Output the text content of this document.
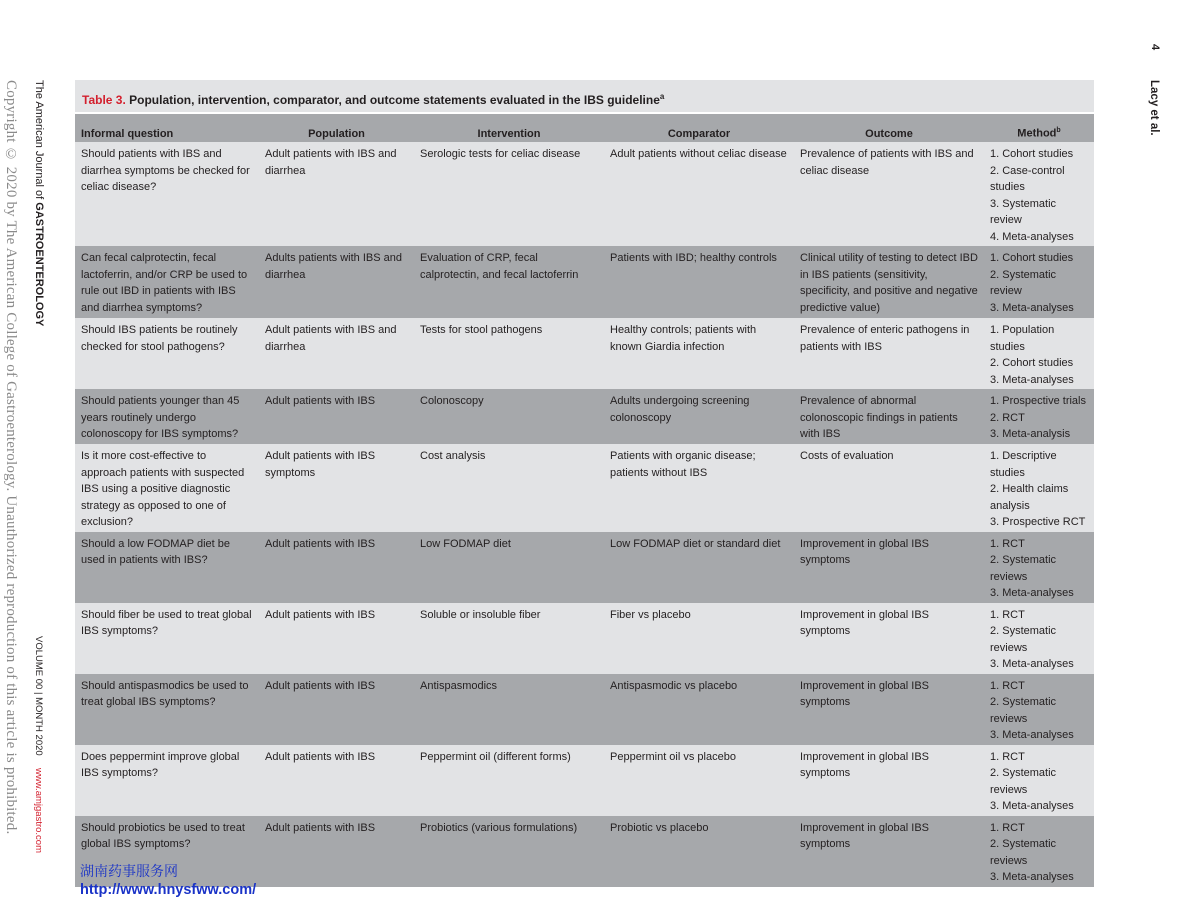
Copyright © 2020 by The American College of Gastroenterology. Unauthorized reproduction of this article is prohibited. The American Journal of GASTROENTEROLOGY
VOLUME 00 | MONTH 2020www.amjgastro.com
4
Lacy et al.
Table 3. Population, intervention, comparator, and outcome statements evaluated in the IBS guideline$^a$
Informal question	Population	Intervention	Comparator	Outcome	Method$^b$
Should patients with IBS and diarrhea symptoms be checked for celiac disease?	Adult patients with IBS and diarrhea	Serologic tests for celiac disease	Adult patients without celiac disease	Prevalence of patients with IBS and celiac disease	1. Cohort studies
2. Case-control studies
3. Systematic review
4. Meta-analyses

Can fecal calprotectin, fecal lactoferrin, and/or CRP be used to rule out IBD in patients with IBS and diarrhea symptoms?	Adults patients with IBS and diarrhea	Evaluation of CRP, fecal calprotectin, and fecal lactoferrin	Patients with IBD; healthy controls	Clinical utility of testing to detect IBD in IBS patients (sensitivity, specificity, and positive and negative predictive value)	1. Cohort studies
2. Systematic review
3. Meta-analyses

Should IBS patients be routinely checked for stool pathogens?	Adult patients with IBS and diarrhea	Tests for stool pathogens	Healthy controls; patients with known Giardia infection	Prevalence of enteric pathogens in patients with IBS	1. Population studies
2. Cohort studies
3. Meta-analyses

Should patients younger than 45 years routinely undergo colonoscopy for IBS symptoms?	Adult patients with IBS	Colonoscopy	Adults undergoing screening colonoscopy	Prevalence of abnormal colonoscopic findings in patients with IBS	1. Prospective trials
2. RCT
3. Meta-analysis

Is it more cost-effective to approach patients with suspected IBS using a positive diagnostic strategy as opposed to one of exclusion?	Adult patients with IBS symptoms	Cost analysis	Patients with organic disease; patients without IBS	Costs of evaluation	1. Descriptive studies
2. Health claims analysis
3. Prospective RCT

Should a low FODMAP diet be used in patients with IBS?	Adult patients with IBS	Low FODMAP diet	Low FODMAP diet or standard diet	Improvement in global IBS symptoms	1. RCT
2. Systematic reviews
3. Meta-analyses

Should fiber be used to treat global IBS symptoms?	Adult patients with IBS	Soluble or insoluble fiber	Fiber vs placebo	Improvement in global IBS symptoms	1. RCT
2. Systematic reviews
3. Meta-analyses

Should antispasmodics be used to treat global IBS symptoms?	Adult patients with IBS	Antispasmodics	Antispasmodic vs placebo	Improvement in global IBS symptoms	1. RCT
2. Systematic reviews
3. Meta-analyses

Does peppermint improve global IBS symptoms?	Adult patients with IBS	Peppermint oil (different forms)	Peppermint oil vs placebo	Improvement in global IBS symptoms	1. RCT
2. Systematic reviews
3. Meta-analyses

Should probiotics be used to treat global IBS symptoms?	Adult patients with IBS	Probiotics (various formulations)	Probiotic vs placebo	Improvement in global IBS symptoms	1. RCT
2. Systematic reviews
3. Meta-analyses
湖南药事服务网
http://www.hnysfww.com/
